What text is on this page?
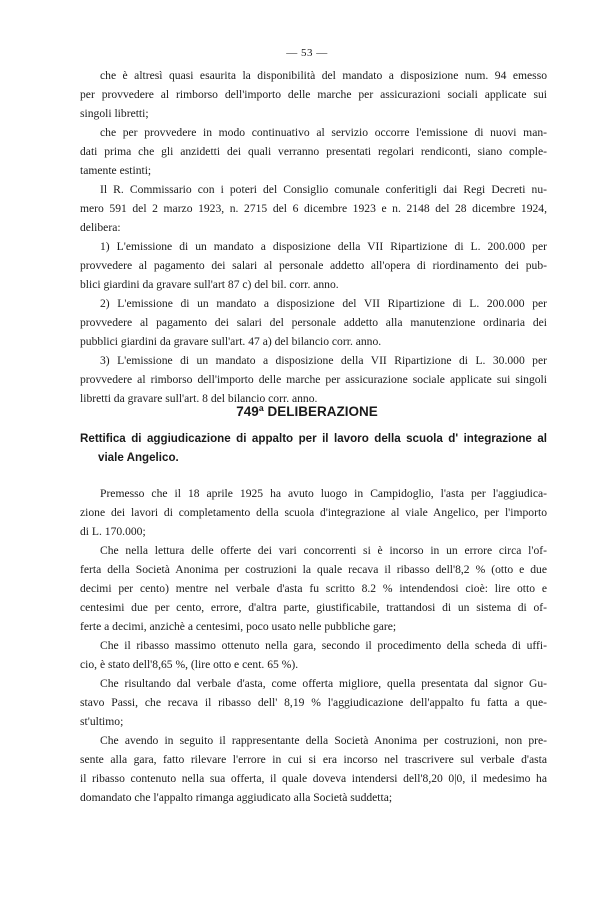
— 53 —
che è altresì quasi esaurita la disponibilità del mandato a disposizione num. 94 emesso
per provvedere al rimborso dell'importo delle marche per assicurazioni sociali applicate sui
singoli libretti;
che per provvedere in modo continuativo al servizio occorre l'emissione di nuovi man-
dati prima che gli anzidetti dei quali verranno presentati regolari rendiconti, siano comple-
tamente estinti;
Il R. Commissario con i poteri del Consiglio comunale conferitigli dai Regi Decreti nu-
mero 591 del 2 marzo 1923, n. 2715 del 6 dicembre 1923 e n. 2148 del 28 dicembre 1924,
delibera:
1) L'emissione di un mandato a disposizione della VII Ripartizione di L. 200.000 per
provvedere al pagamento dei salari al personale addetto all'opera di riordinamento dei pub-
blici giardini da gravare sull'art 87 c) del bil. corr. anno.
2) L'emissione di un mandato a disposizione del VII Ripartizione di L. 200.000 per
provvedere al pagamento dei salari del personale addetto alla manutenzione ordinaria dei
pubblici giardini da gravare sull'art. 47 a) del bilancio corr. anno.
3) L'emissione di un mandato a disposizione della VII Ripartizione di L. 30.000 per
provvedere al rimborso dell'importo delle marche per assicurazione sociale applicate sui singoli
libretti da gravare sull'art. 8 del bilancio corr. anno.
749ª DELIBERAZIONE
Rettifica di aggiudicazione di appalto per il lavoro della scuola d' integrazione al
viale Angelico.
Premesso che il 18 aprile 1925 ha avuto luogo in Campidoglio, l'asta per l'aggiudica-
zione dei lavori di completamento della scuola d'integrazione al viale Angelico, per l'importo
di L. 170.000;
Che nella lettura delle offerte dei vari concorrenti si è incorso in un errore circa l'of-
ferta della Società Anonima per costruzioni la quale recava il ribasso dell'8,2 % (otto e due
decimi per cento) mentre nel verbale d'asta fu scritto 8.2 % intendendosi cioè: lire otto e
centesimi due per cento, errore, d'altra parte, giustificabile, trattandosi di un sistema di of-
ferte a decimi, anzichè a centesimi, poco usato nelle pubbliche gare;
Che il ribasso massimo ottenuto nella gara, secondo il procedimento della scheda di uffi-
cio, è stato dell'8,65 %, (lire otto e cent. 65 %).
Che risultando dal verbale d'asta, come offerta migliore, quella presentata dal signor Gu-
stavo Passi, che recava il ribasso dell' 8,19 % l'aggiudicazione dell'appalto fu fatta a que-
st'ultimo;
Che avendo in seguito il rappresentante della Società Anonima per costruzioni, non pre-
sente alla gara, fatto rilevare l'errore in cui si era incorso nel trascrivere sul verbale d'asta
il ribasso contenuto nella sua offerta, il quale doveva intendersi dell'8,20 0|0, il medesimo ha
domandato che l'appalto rimanga aggiudicato alla Società suddetta;
